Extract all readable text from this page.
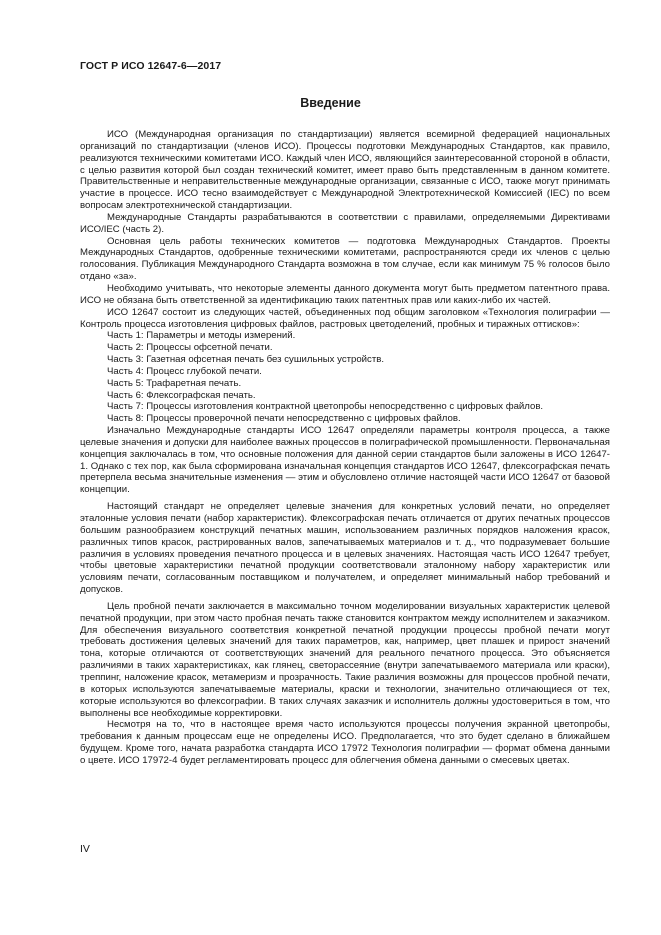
ГОСТ Р ИСО 12647-6—2017
Введение

ИСО (Международная организация по стандартизации) является всемирной федерацией национальных организаций по стандартизации (членов ИСО). Процессы подготовки Международных Стандартов, как правило, реализуются техническими комитетами ИСО. Каждый член ИСО, являющийся заинтересованной стороной в области, с целью развития которой был создан технический комитет, имеет право быть представленным в данном комитете. Правительственные и неправительственные международные организации, связанные с ИСО, также могут принимать участие в процессе. ИСО тесно взаимодействует с Международной Электротехнической Комиссией (IEC) по всем вопросам электротехнической стандартизации.

Международные Стандарты разрабатываются в соответствии с правилами, определяемыми Директивами ИСО/IEC (часть 2).

Основная цель работы технических комитетов — подготовка Международных Стандартов. Проекты Международных Стандартов, одобренные техническими комитетами, распространяются среди их членов с целью голосования. Публикация Международного Стандарта возможна в том случае, если как минимум 75 % голосов было отдано «за».

Необходимо учитывать, что некоторые элементы данного документа могут быть предметом патентного права. ИСО не обязана быть ответственной за идентификацию таких патентных прав или каких-либо их частей.

ИСО 12647 состоит из следующих частей, объединенных под общим заголовком «Технология полиграфии — Контроль процесса изготовления цифровых файлов, растровых цветоделений, пробных и тиражных оттисков»:

Часть 1: Параметры и методы измерений.
Часть 2: Процессы офсетной печати.
Часть 3: Газетная офсетная печать без сушильных устройств.
Часть 4: Процесс глубокой печати.
Часть 5: Трафаретная печать.
Часть 6: Флексографская печать.
Часть 7: Процессы изготовления контрактной цветопробы непосредственно с цифровых файлов.
Часть 8: Процессы проверочной печати непосредственно с цифровых файлов.

Изначально Международные стандарты ИСО 12647 определяли параметры контроля процесса, а также целевые значения и допуски для наиболее важных процессов в полиграфической промышленности. Первоначальная концепция заключалась в том, что основные положения для данной серии стандартов были заложены в ИСО 12647-1. Однако с тех пор, как была сформирована изначальная концепция стандартов ИСО 12647, флексографская печать претерпела весьма значительные изменения — этим и обусловлено отличие настоящей части ИСО 12647 от базовой концепции.

Настоящий стандарт не определяет целевые значения для конкретных условий печати, но определяет эталонные условия печати (набор характеристик). Флексографская печать отличается от других печатных процессов большим разнообразием конструкций печатных машин, использованием различных порядков наложения красок, различных типов красок, растрированных валов, запечатываемых материалов и т. д., что подразумевает большие различия в условиях проведения печатного процесса и в целевых значениях. Настоящая часть ИСО 12647 требует, чтобы цветовые характеристики печатной продукции соответствовали эталонному набору характеристик или условиям печати, согласованным поставщиком и получателем, и определяет минимальный набор требований и допусков.

Цель пробной печати заключается в максимально точном моделировании визуальных характеристик целевой печатной продукции, при этом часто пробная печать также становится контрактом между исполнителем и заказчиком. Для обеспечения визуального соответствия конкретной печатной продукции процессы пробной печати могут требовать достижения целевых значений для таких параметров, как, например, цвет плашек и прирост значений тона, которые отличаются от соответствующих значений для реального печатного процесса. Это объясняется различиями в таких характеристиках, как глянец, светорассеяние (внутри запечатываемого материала или краски), треппинг, наложение красок, метамеризм и прозрачность. Такие различия возможны для процессов пробной печати, в которых используются запечатываемые материалы, краски и технологии, значительно отличающиеся от тех, которые используются во флексографии. В таких случаях заказчик и исполнитель должны удостовериться в том, что выполнены все необходимые корректировки.

Несмотря на то, что в настоящее время часто используются процессы получения экранной цветопробы, требования к данным процессам еще не определены ИСО. Предполагается, что это будет сделано в ближайшем будущем. Кроме того, начата разработка стандарта ИСО 17972 Технология полиграфии — формат обмена данными о цвете. ИСО 17972-4 будет регламентировать процесс для облегчения обмена данными о смесевых цветах.

IV
